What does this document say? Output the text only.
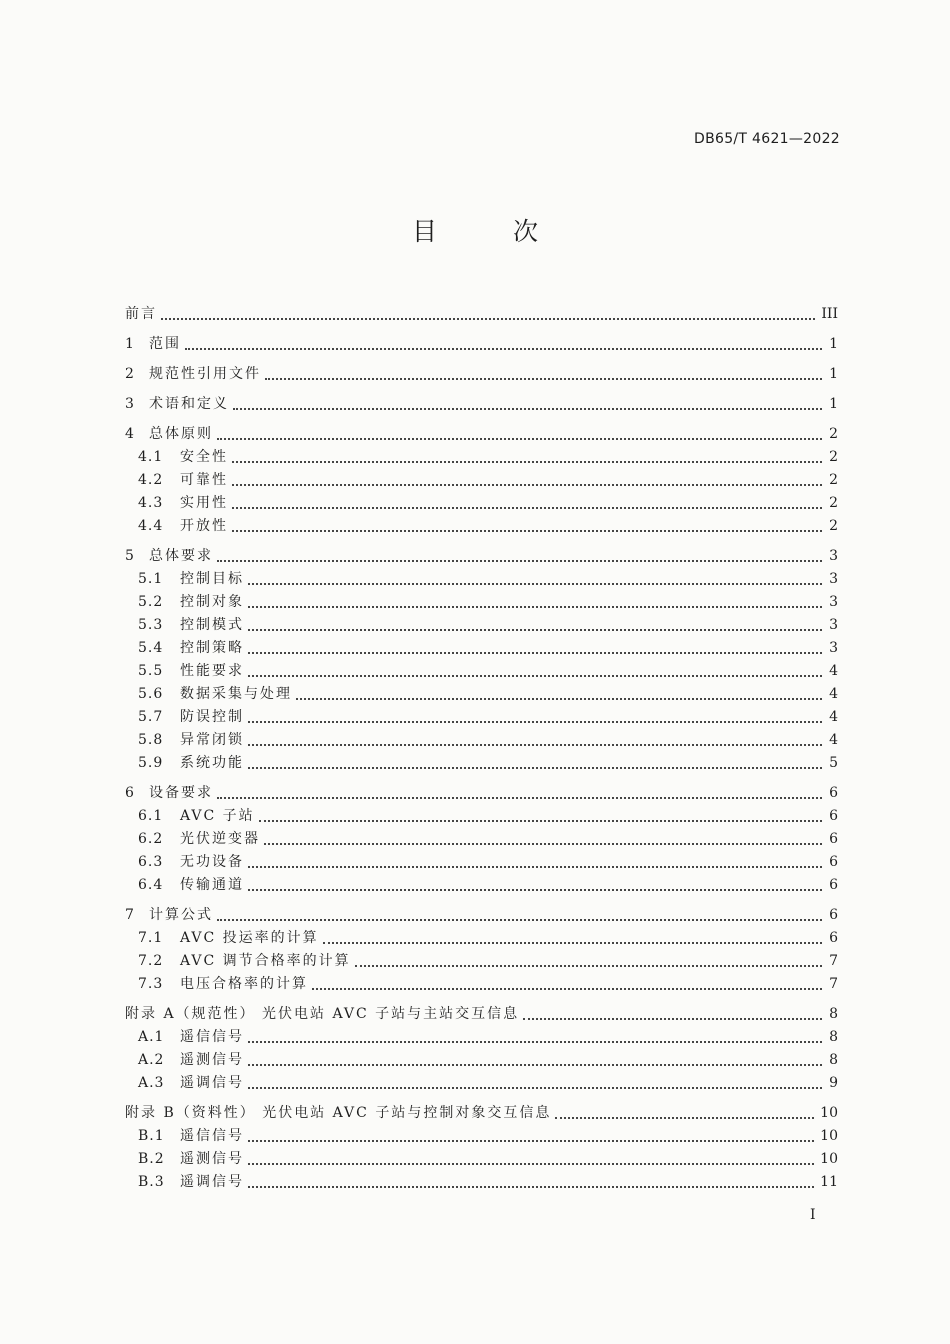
DB65/T 4621—2022
目 次
前言	III
1	范围	1
2	规范性引用文件	1
3	术语和定义	1
4	总体原则	2
4.1	安全性	2
4.2	可靠性	2
4.3	实用性	2
4.4	开放性	2
5	总体要求	3
5.1	控制目标	3
5.2	控制对象	3
5.3	控制模式	3
5.4	控制策略	3
5.5	性能要求	4
5.6	数据采集与处理	4
5.7	防误控制	4
5.8	异常闭锁	4
5.9	系统功能	5
6	设备要求	6
6.1	AVC 子站	6
6.2	光伏逆变器	6
6.3	无功设备	6
6.4	传输通道	6
7	计算公式	6
7.1	AVC 投运率的计算	6
7.2	AVC 调节合格率的计算	7
7.3	电压合格率的计算	7
附录 A（规范性） 光伏电站 AVC 子站与主站交互信息	8
A.1	遥信信号	8
A.2	遥测信号	8
A.3	遥调信号	9
附录 B（资料性） 光伏电站 AVC 子站与控制对象交互信息	10
B.1	遥信信号	10
B.2	遥测信号	10
B.3	遥调信号	11
I
